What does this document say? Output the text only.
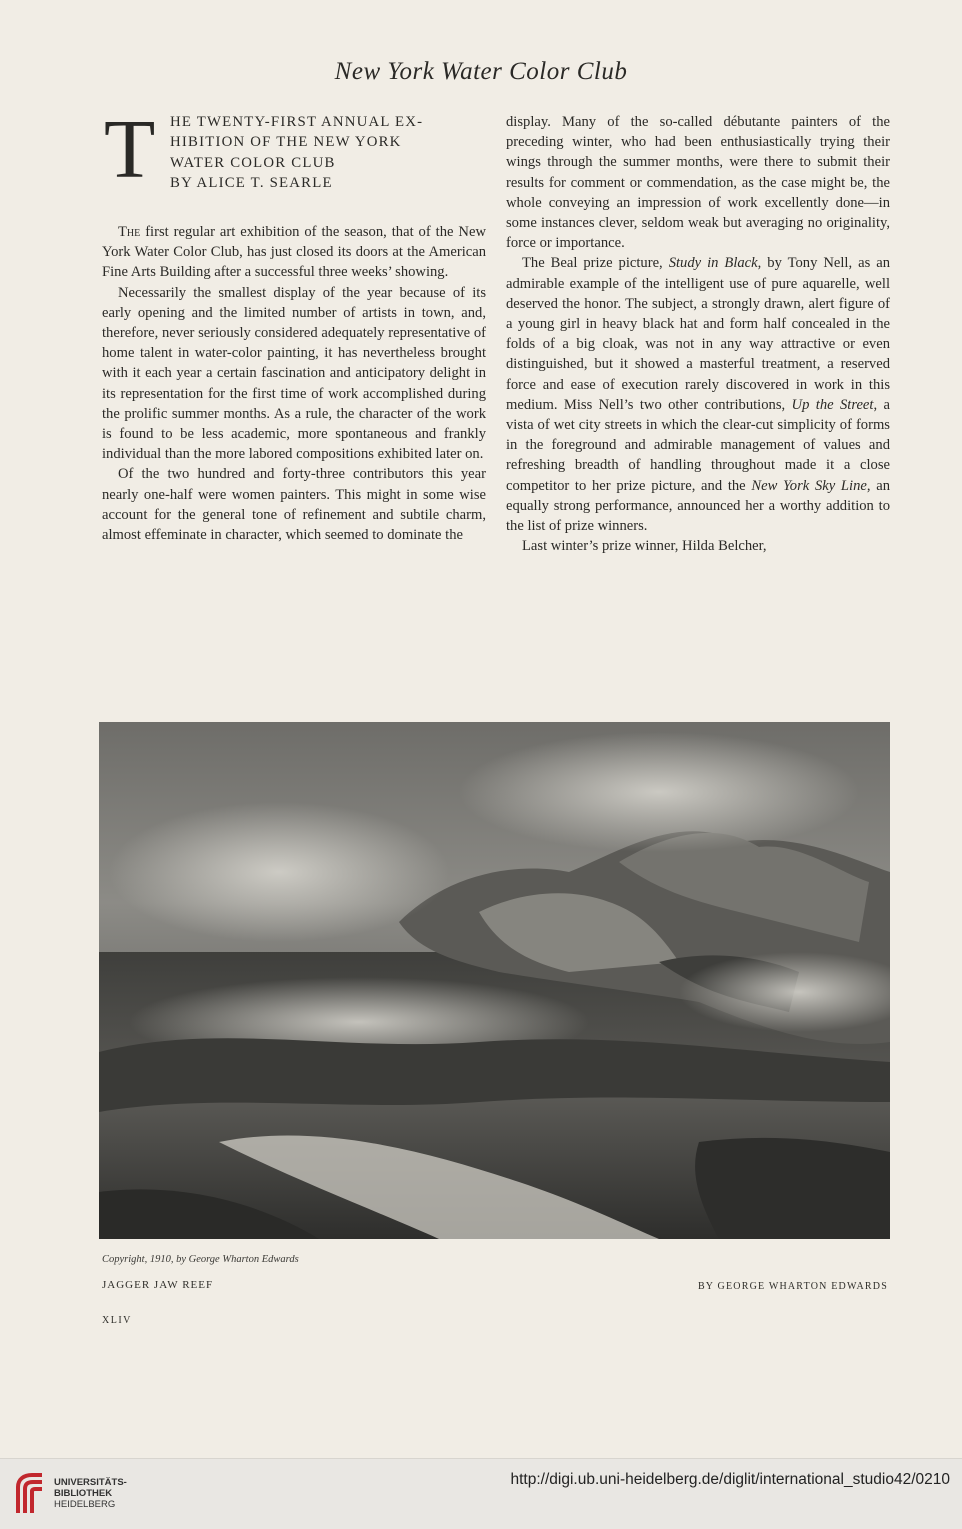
New York Water Color Club
T HE TWENTY-FIRST ANNUAL EX-
HIBITION OF THE NEW YORK
WATER COLOR CLUB
BY ALICE T. SEARLE

The first regular art exhibition of the season, that of the New York Water Color Club, has just closed its doors at the American Fine Arts Building after a successful three weeks’ showing.

Necessarily the smallest display of the year because of its early opening and the limited number of artists in town, and, therefore, never seriously considered adequately representative of home talent in water-color painting, it has nevertheless brought with it each year a certain fascination and anticipatory delight in its representation for the first time of work accomplished during the prolific summer months. As a rule, the character of the work is found to be less academic, more spontaneous and frankly individual than the more labored compositions exhibited later on.

Of the two hundred and forty-three contributors this year nearly one-half were women painters. This might in some wise account for the general tone of refinement and subtile charm, almost effeminate in character, which seemed to dominate the

display. Many of the so-called débutante painters of the preceding winter, who had been enthusiastically trying their wings through the summer months, were there to submit their results for comment or commendation, as the case might be, the whole conveying an impression of work excellently done—in some instances clever, seldom weak but averaging no originality, force or importance.

The Beal prize picture, Study in Black, by Tony Nell, as an admirable example of the intelligent use of pure aquarelle, well deserved the honor. The subject, a strongly drawn, alert figure of a young girl in heavy black hat and form half concealed in the folds of a big cloak, was not in any way attractive or even distinguished, but it showed a masterful treatment, a reserved force and ease of execution rarely discovered in work in this medium. Miss Nell’s two other contributions, Up the Street, a vista of wet city streets in which the clear-cut simplicity of forms in the foreground and admirable management of values and refreshing breadth of handling throughout made it a close competitor to her prize picture, and the New York Sky Line, an equally strong performance, announced her a worthy addition to the list of prize winners.

Last winter’s prize winner, Hilda Belcher,

Copyright, 1910, by George Wharton Edwards
JAGGER JAW REEF	BY GEORGE WHARTON EDWARDS
XLIV
UNIVERSITÄTS-
BIBLIOTHEK
HEIDELBERG
http://digi.ub.uni-heidelberg.de/diglit/international_studio42/0210
